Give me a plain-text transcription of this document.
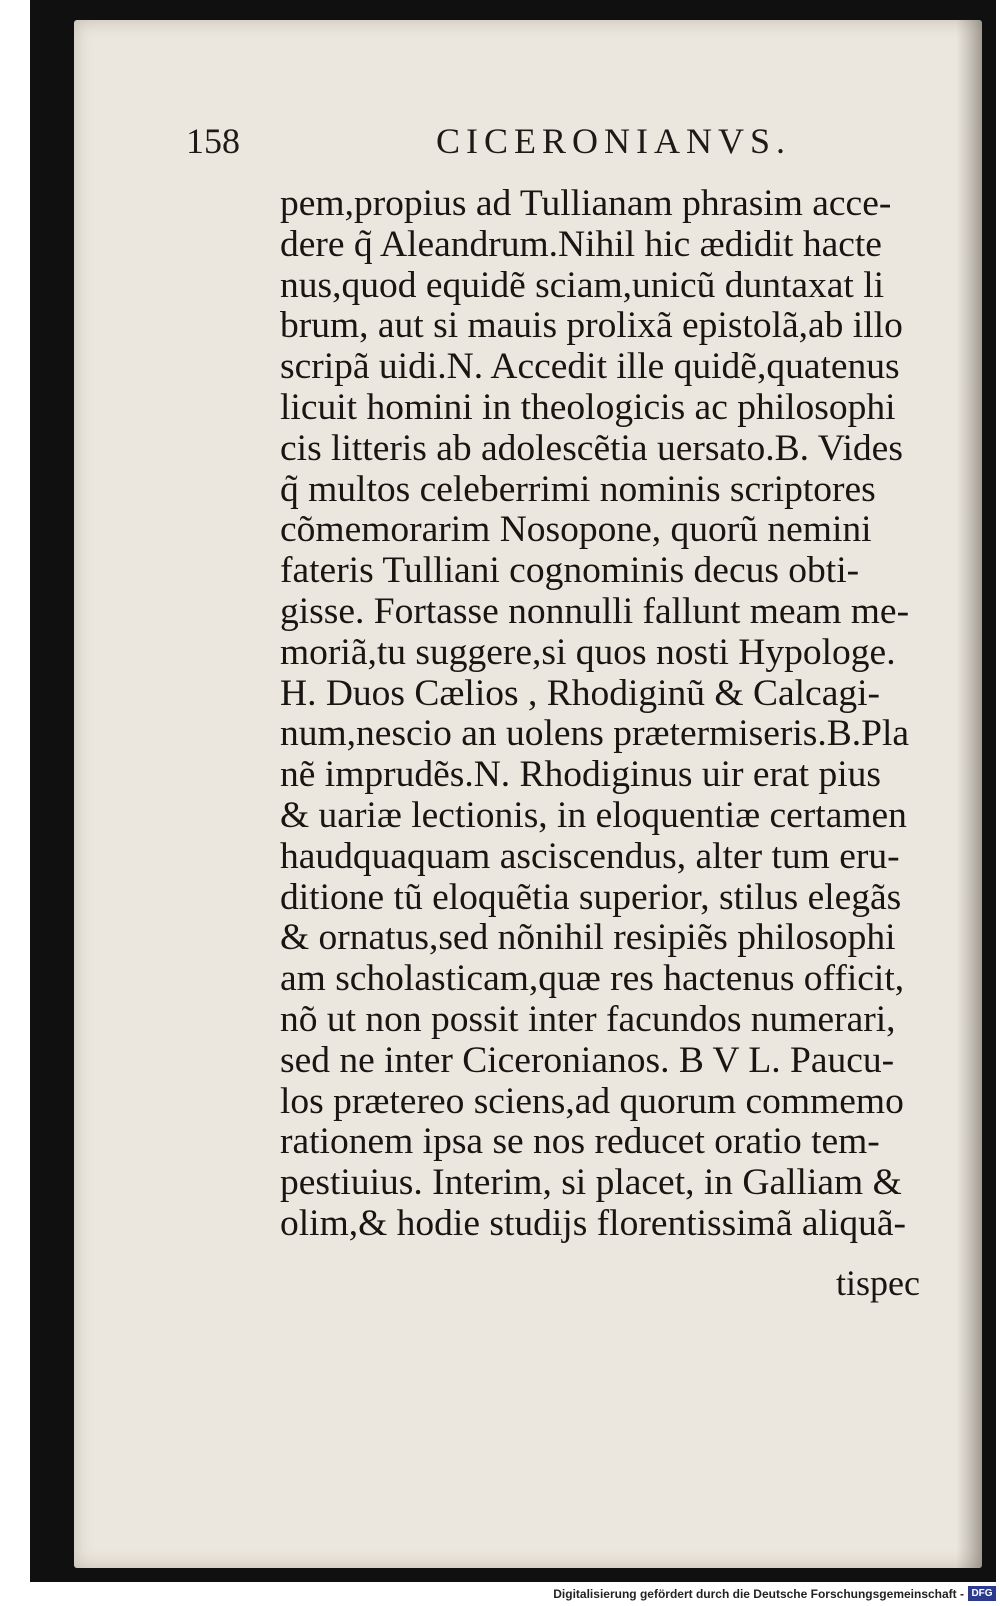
158	CICERONIANVS.
pem,propius ad Tullianam phrasim acce-
dere q̃ Aleandrum.Nihil hic ædidit hacte
nus,quod equidẽ sciam,unicũ duntaxat li
brum, aut si mauis prolixã epistolã,ab illo
scripã uidi.N. Accedit ille quidẽ,quatenus
licuit homini in theologicis ac philosophi
cis litteris ab adolescẽtia uersato.B. Vides
q̃ multos celeberrimi nominis scriptores
cõmemorarim Nosopone, quorũ nemini
fateris Tulliani cognominis decus obti-
gisse. Fortasse nonnulli fallunt meam me-
moriã,tu suggere,si quos nosti Hypologe.
H. Duos Cælios , Rhodiginũ & Calcagi-
num,nescio an uolens prætermiseris.B.Pla
nẽ imprudẽs.N. Rhodiginus uir erat pius
& uariæ lectionis, in eloquentiæ certamen
haudquaquam asciscendus, alter tum eru-
ditione tũ eloquẽtia superior, stilus elegãs
& ornatus,sed nõnihil resipiẽs philosophi
am scholasticam,quæ res hactenus officit,
nõ ut non possit inter facundos numerari,
sed ne inter Ciceronianos. B V L. Paucu-
los prætereo sciens,ad quorum commemo
rationem ipsa se nos reducet oratio tem-
pestiuius. Interim, si placet, in Galliam &
olim,& hodie studijs florentissimã aliquã-
tispec
Digitalisierung gefördert durch die Deutsche Forschungsgemeinschaft - DFG
